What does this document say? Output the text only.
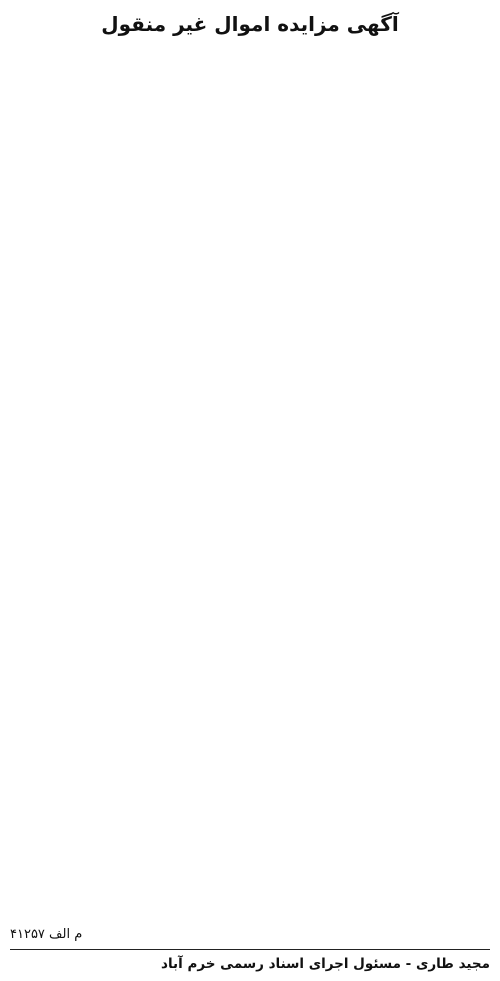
آگهی مزایده اموال غیر منقول
م الف ۴۱۲۵۷
مجید طاری - مسئول اجرای اسناد رسمی خرم آباد
